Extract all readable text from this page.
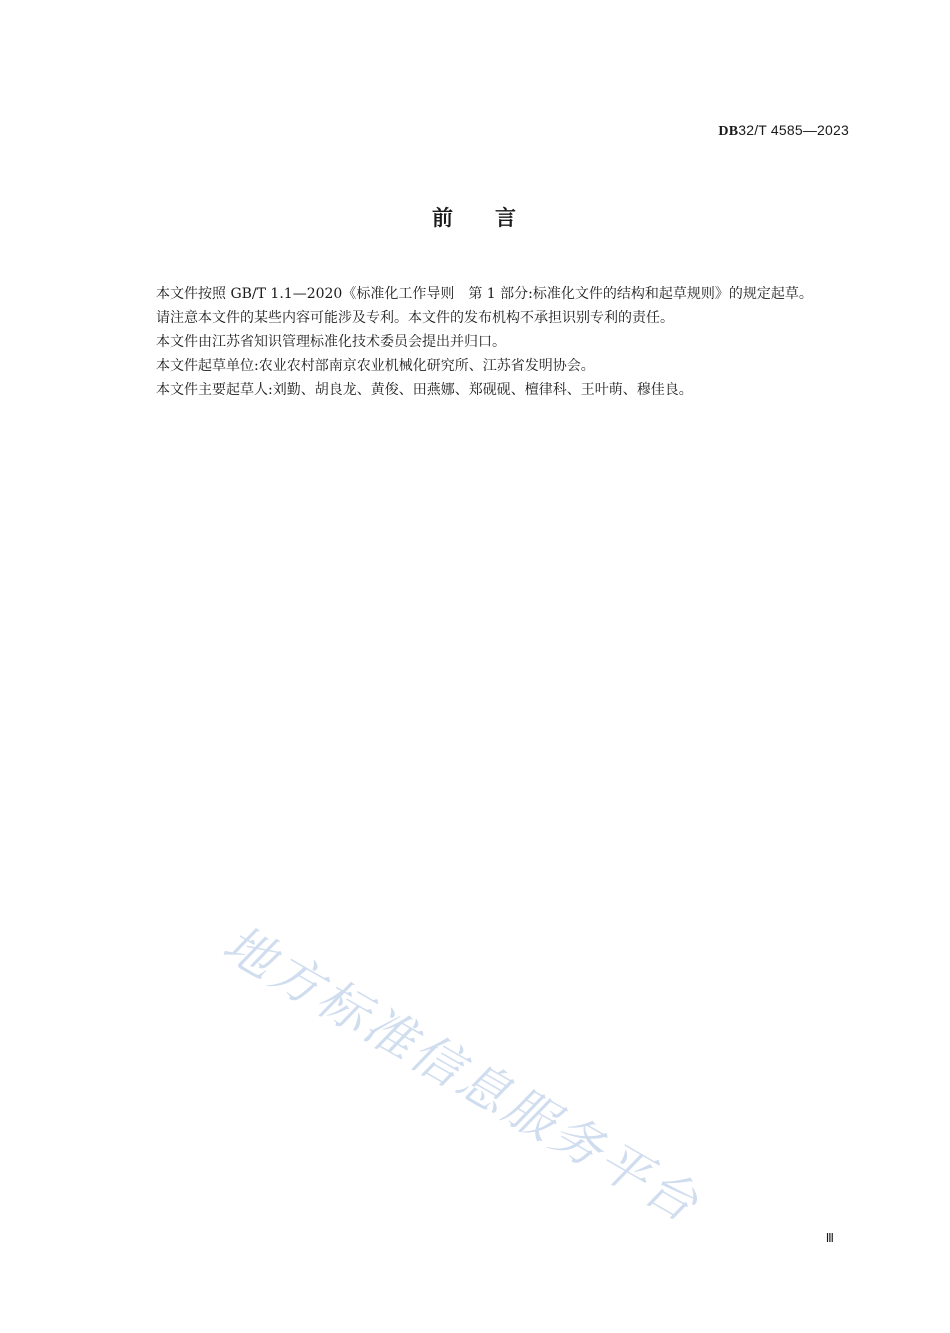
DB32/T 4585—2023
前 言

本文件按照 GB/T 1.1—2020《标准化工作导则　第 1 部分:标准化文件的结构和起草规则》的规定起草。

请注意本文件的某些内容可能涉及专利。本文件的发布机构不承担识别专利的责任。

本文件由江苏省知识管理标准化技术委员会提出并归口。

本文件起草单位:农业农村部南京农业机械化研究所、江苏省发明协会。

本文件主要起草人:刘勤、胡良龙、黄俊、田燕娜、郑砚砚、檀律科、王叶萌、穆佳良。

地方标准信息服务平台
Ⅲ
